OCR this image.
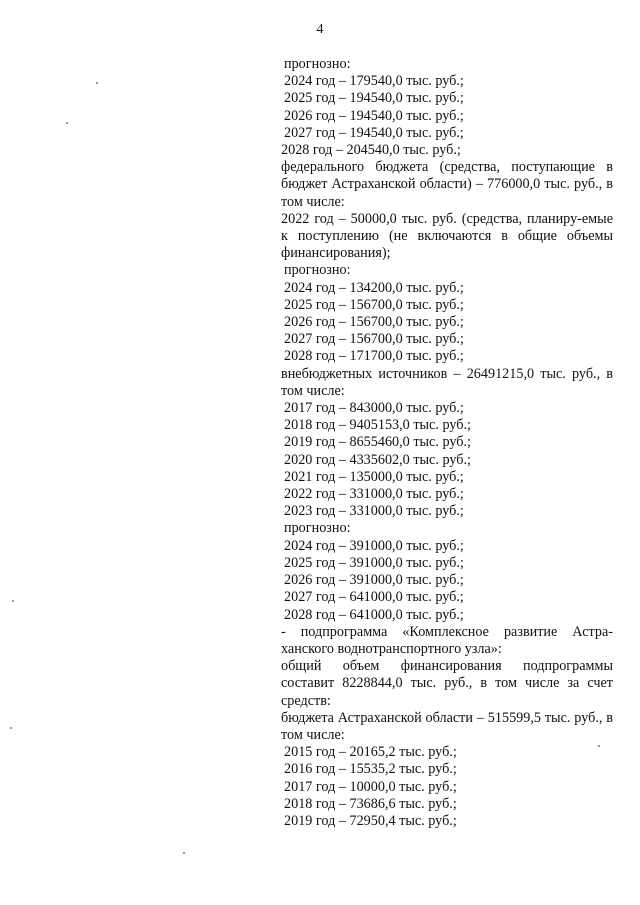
4
прогнозно:
2024 год – 179540,0 тыс. руб.;
2025 год – 194540,0 тыс. руб.;
2026 год – 194540,0 тыс. руб.;
2027 год – 194540,0 тыс. руб.;
2028 год – 204540,0 тыс. руб.;
федерального бюджета (средства, поступающие в бюджет Астраханской области) – 776000,0 тыс. руб., в том числе:
2022 год – 50000,0 тыс. руб. (средства, планиру-емые к поступлению (не включаются в общие объемы финансирования);
прогнозно:
2024 год – 134200,0 тыс. руб.;
2025 год – 156700,0 тыс. руб.;
2026 год – 156700,0 тыс. руб.;
2027 год – 156700,0 тыс. руб.;
2028 год – 171700,0 тыс. руб.;
внебюджетных источников – 26491215,0 тыс. руб., в том числе:
2017 год – 843000,0 тыс. руб.;
2018 год – 9405153,0 тыс. руб.;
2019 год – 8655460,0 тыс. руб.;
2020 год – 4335602,0 тыс. руб.;
2021 год – 135000,0 тыс. руб.;
2022 год – 331000,0 тыс. руб.;
2023 год – 331000,0 тыс. руб.;
прогнозно:
2024 год – 391000,0 тыс. руб.;
2025 год – 391000,0 тыс. руб.;
2026 год – 391000,0 тыс. руб.;
2027 год – 641000,0 тыс. руб.;
2028 год – 641000,0 тыс. руб.;
- подпрограмма «Комплексное развитие Астра-ханского воднотранспортного узла»:
общий объем финансирования подпрограммы составит 8228844,0 тыс. руб., в том числе за счет средств:
бюджета Астраханской области – 515599,5 тыс. руб., в том числе:
2015 год – 20165,2 тыс. руб.;
2016 год – 15535,2 тыс. руб.;
2017 год – 10000,0 тыс. руб.;
2018 год – 73686,6 тыс. руб.;
2019 год – 72950,4 тыс. руб.;
